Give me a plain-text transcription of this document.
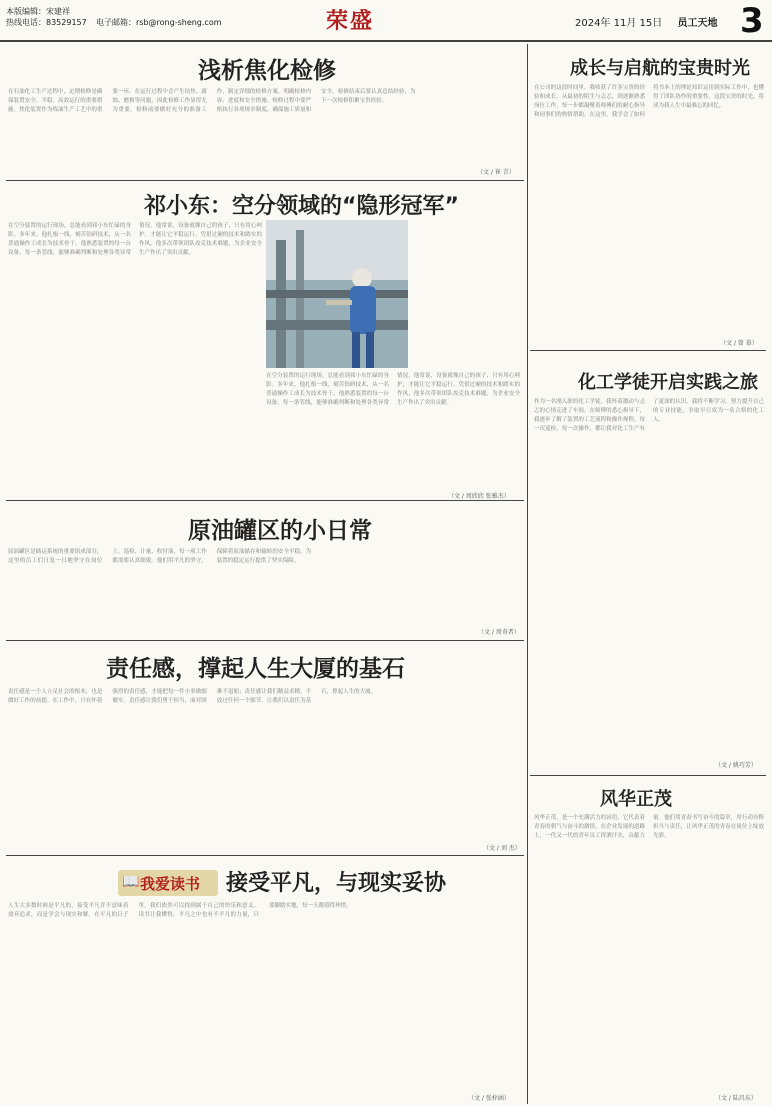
本版编辑：宋建祥
热线电话：83529157 电子邮箱：rsb@rong-sheng.com	荣盛	2024年 11月 15日 员工天地 3
浅析焦化检修
在石油化工生产过程中，定期检修是确保装置安全、平稳、高效运行的重要措施。焦化装置作为炼油生产工艺中的重要一环，在运行过程中会产生结焦、腐蚀、磨损等问题，因此检修工作显得尤为重要。检修前要做好充分的准备工作，制定详细的检修方案，明确检修内容、进度和安全措施。检修过程中要严格执行各项规章制度，确保施工质量和安全。检修结束后要认真总结经验，为下一次检修积累宝贵经验。
（文 / 崔 青）
成长与启航的宝贵时光
在公司的这段时间里，我收获了许多宝贵的经验和成长。从最初的陌生与忐忑，到逐渐熟悉岗位工作，每一步都凝聚着师傅们的耐心指导和同事们的热情帮助。在这里，我学会了如何将书本上的理论知识运用到实际工作中，也懂得了团队协作的重要性。这段宝贵的时光，将成为我人生中最难忘的回忆。
（文 / 曾 慕）
祁小东：空分领域的“隐形冠军”
在空分装置的运行现场，总能看到祁小东忙碌的身影。多年来，他扎根一线，刻苦钻研技术，从一名普通操作工成长为技术骨干。他熟悉装置的每一台设备、每一条管线，能够准确判断和处理各类异常情况。他常说，设备就像自己的孩子，只有用心呵护，才能让它平稳运行。凭借过硬的技术和踏实的作风，他多次带领团队攻克技术难题，为企业安全生产作出了突出贡献。
在空分装置的运行现场，总能看到祁小东忙碌的身影。多年来，他扎根一线，刻苦钻研技术，从一名普通操作工成长为技术骨干。他熟悉装置的每一台设备、每一条管线，能够准确判断和处理各类异常情况。他常说，设备就像自己的孩子，只有用心呵护，才能让它平稳运行。凭借过硬的技术和踏实的作风，他多次带领团队攻克技术难题，为企业安全生产作出了突出贡献。
（文 / 周欣欣 张雅杰）
化工学徒开启实践之旅
作为一名刚入职的化工学徒，我怀着激动与忐忑的心情走进了车间。在师傅的悉心指导下，我逐步了解了装置的工艺流程和操作规程。每一次巡检、每一次操作，都让我对化工生产有了更深的认识。我将不断学习，努力提升自己的专业技能，争取早日成为一名合格的化工人。
（文 / 姚巧芳）
原油罐区的小日常
原油罐区是储运系统的重要组成部分，这里的员工们日复一日地坚守在岗位上。巡检、计量、收付油，每一项工作都需要认真细致。他们用平凡的坚守，保障着原油储存和输转的安全平稳，为装置的稳定运行提供了坚实保障。
（文 / 周奇者）
责任感，撑起人生大厦的基石
责任感是一个人立足社会的根本，也是做好工作的前提。在工作中，只有怀着强烈的责任感，才能把每一件小事做细做实。责任感让我们勇于担当，面对困难不退缩；责任感让我们精益求精，不放过任何一个细节。让我们以责任为基石，撑起人生的大厦。
（文 / 刘 杰）
风华正茂
风华正茂，是一个充满活力的词语，它代表着青春的朝气与奋斗的激情。在企业发展的道路上，一代又一代的青年员工挥洒汗水，贡献力量。他们用青春书写奋斗的篇章，用行动诠释担当与责任，让风华正茂的青春在岗位上绽放光彩。
（文 / 陆昌东）
📖 我爱读书 接受平凡，与现实妥协
人生大多数时候是平凡的，接受平凡并不意味着放弃追求，而是学会与现实和解。在平凡的日子里，我们依然可以找到属于自己的快乐和意义。读书让我懂得，平凡之中也有不平凡的力量，只要脚踏实地，每一天都值得珍惜。
（文 / 张梓涵）
